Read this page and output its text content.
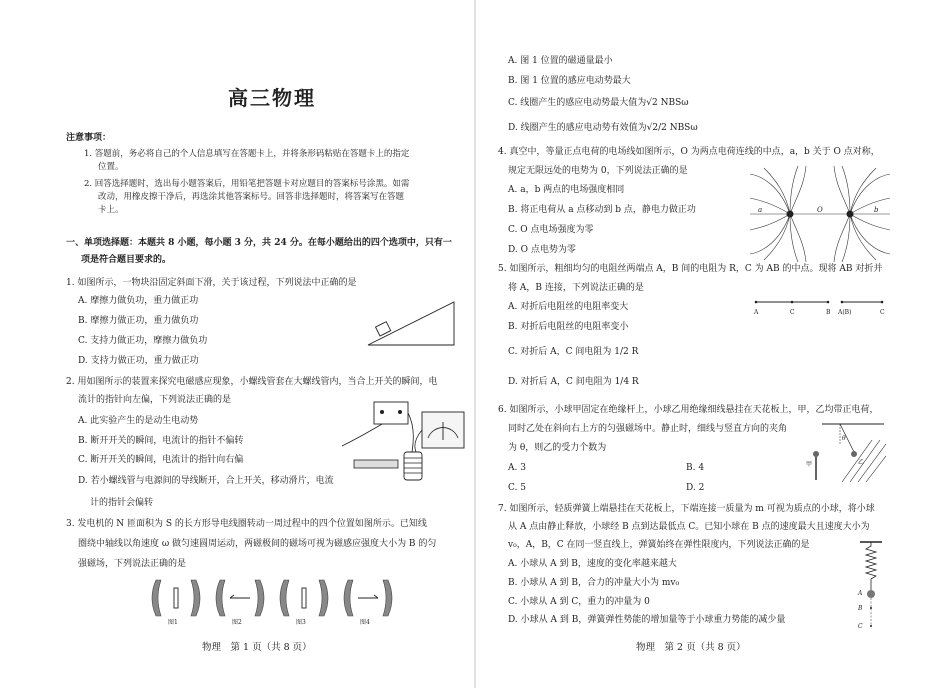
高三物理
注意事项：
1. 答题前，务必将自己的个人信息填写在答题卡上，并将条形码粘贴在答题卡上的指定
位置。
2. 回答选择题时，选出每小题答案后，用铅笔把答题卡对应题目的答案标号涂黑。如需
改动，用橡皮擦干净后，再选涂其他答案标号。回答非选择题时，将答案写在答题
卡上。
一、单项选择题：本题共 8 小题，每小题 3 分，共 24 分。在每小题给出的四个选项中，只有一
项是符合题目要求的。
1. 如图所示，一物块沿固定斜面下滑，关于该过程，下列说法中正确的是
A. 摩擦力做负功，重力做正功
B. 摩擦力做正功，重力做负功
C. 支持力做正功，摩擦力做负功
D. 支持力做正功，重力做正功
2. 用如图所示的装置来探究电磁感应现象，小螺线管套在大螺线管内，当合上开关的瞬间，电
流计的指针向左偏，下列说法正确的是
A. 此实验产生的是动生电动势
B. 断开开关的瞬间，电流计的指针不偏转
C. 断开开关的瞬间，电流计的指针向右偏
D. 若小螺线管与电源间的导线断开，合上开关，移动滑片，电流
计的指针会偏转
3. 发电机的 N 匝面积为 S 的长方形导电线圈转动一周过程中的四个位置如图所示。已知线
圈绕中轴线以角速度 ω 做匀速圆周运动，两磁极间的磁场可视为磁感应强度大小为 B 的匀
强磁场，下列说法正确的是
图1	图2	图3	图4
物理　第 1 页（共 8 页）
A. 图 1 位置的磁通量最小
B. 图 1 位置的感应电动势最大
C. 线圈产生的感应电动势最大值为√2 NBSω
D. 线圈产生的感应电动势有效值为√2/2 NBSω
4. 真空中，等量正点电荷的电场线如图所示，O 为两点电荷连线的中点，a，b 关于 O 点对称，
规定无限远处的电势为 0，下列说法正确的是
A. a，b 两点的电场强度相同
B. 将正电荷从 a 点移动到 b 点，静电力做正功
C. O 点电场强度为零
D. O 点电势为零
a	O	b
5. 如图所示，粗细均匀的电阻丝两端点 A，B 间的电阻为 R，C 为 AB 的中点。现将 AB 对折并
将 A，B 连接，下列说法正确的是
A. 对折后电阻丝的电阻率变大
B. 对折后电阻丝的电阻率变小
C. 对折后 A，C 间电阻为 1/2 R
D. 对折后 A，C 间电阻为 1/4 R
A	C	B A(B)	C
6. 如图所示，小球甲固定在绝缘杆上，小球乙用绝缘细线悬挂在天花板上，甲，乙均带正电荷，
同时乙处在斜向右上方的匀强磁场中。静止时，细线与竖直方向的夹角
为 θ，则乙的受力个数为
A. 3	B. 4
C. 5	D. 2
θ
甲	乙
7. 如图所示，轻质弹簧上端悬挂在天花板上，下端连接一质量为 m 可视为质点的小球，将小球
从 A 点由静止释放，小球经 B 点到达最低点 C。已知小球在 B 点的速度最大且速度大小为
v₀，A，B，C 在同一竖直线上，弹簧始终在弹性限度内，下列说法正确的是
A. 小球从 A 到 B，速度的变化率越来越大
B. 小球从 A 到 B，合力的冲量大小为 mv₀
C. 小球从 A 到 C，重力的冲量为 0
D. 小球从 A 到 B，弹簧弹性势能的增加量等于小球重力势能的减少量
A
B
C
物理　第 2 页（共 8 页）
